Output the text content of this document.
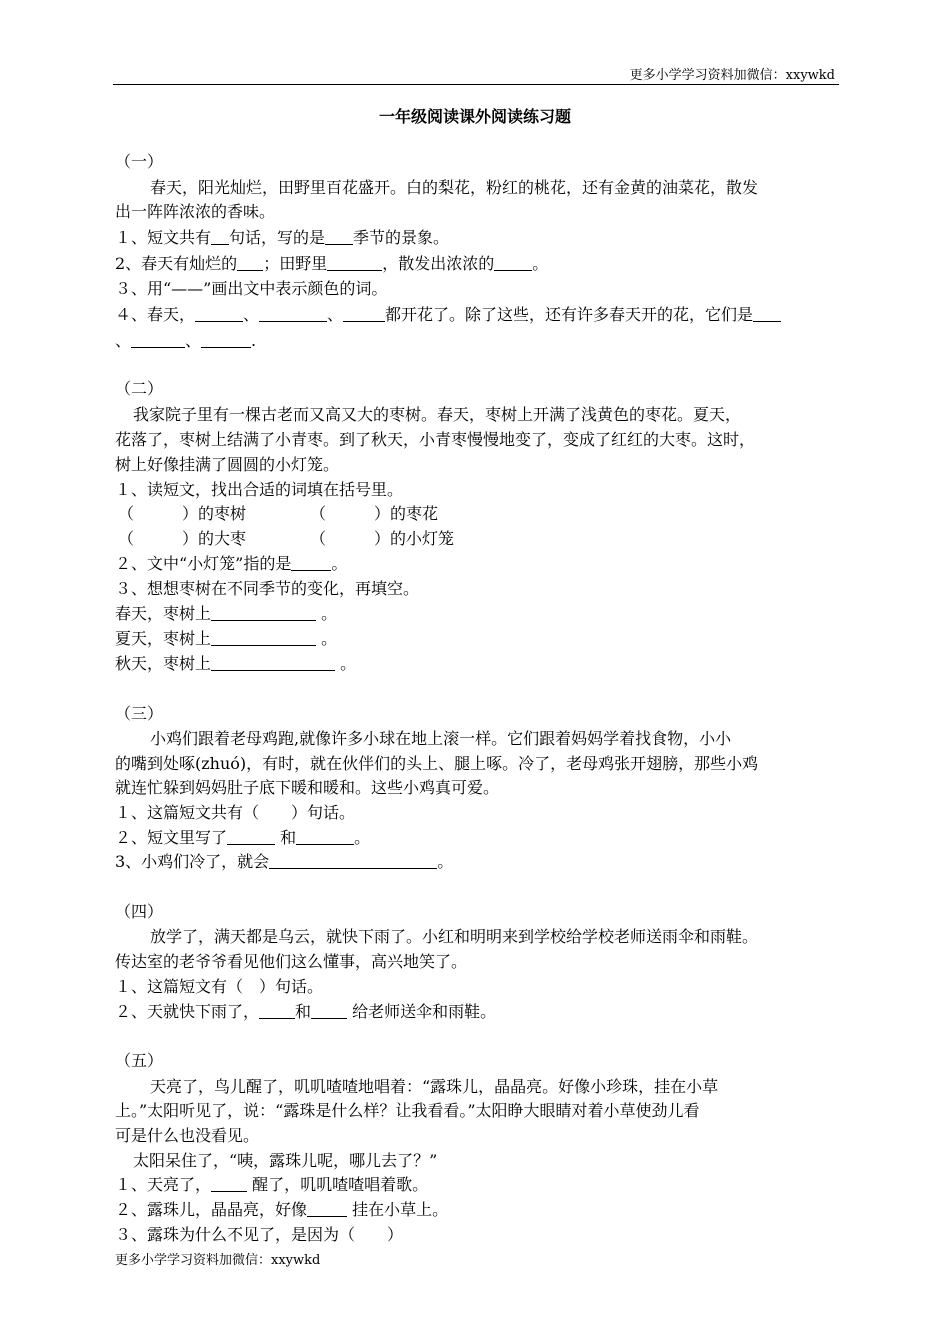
更多小学学习资料加微信：xxywkd
一年级阅读课外阅读练习题
（一）
春天，阳光灿烂，田野里百花盛开。白的梨花，粉红的桃花，还有金黄的油菜花，散发
出一阵阵浓浓的香味。
１、短文共有 句话，写的是 季节的景象。
2、春天有灿烂的 ；田野里	，散发出浓浓的 。
３、用“——”画出文中表示颜色的词。
４、春天，	、	、	都开花了。除了这些，还有许多春天开的花，它们是
、	、	.
（二）
我家院子里有一棵古老而又高又大的枣树。春天，枣树上开满了浅黄色的枣花。夏天，
花落了，枣树上结满了小青枣。到了秋天，小青枣慢慢地变了，变成了红红的大枣。这时，
树上好像挂满了圆圆的小灯笼。
１、读短文，找出合适的词填在括号里。
（　　　）的枣树	（　　　）的枣花
（　　　）的大枣	（　　　）的小灯笼
２、文中“小灯笼”指的是	。
３、想想枣树在不同季节的变化，再填空。
春天，枣树上	。
夏天，枣树上	。
秋天，枣树上	。
（三）
小鸡们跟着老母鸡跑,就像许多小球在地上滚一样。它们跟着妈妈学着找食物，小小
的嘴到处啄(zhuó)，有时，就在伙伴们的头上、腿上啄。冷了，老母鸡张开翅膀，那些小鸡
就连忙躲到妈妈肚子底下暖和暖和。这些小鸡真可爱。
１、这篇短文共有（　　）句话。
２、短文里写了	和	。
3、小鸡们冷了，就会	。
（四）
放学了，满天都是乌云，就快下雨了。小红和明明来到学校给学校老师送雨伞和雨鞋。
传达室的老爷爷看见他们这么懂事，高兴地笑了。
１、这篇短文有（　）句话。
２、天就快下雨了， 和	给老师送伞和雨鞋。
（五）
天亮了，鸟儿醒了，叽叽喳喳地唱着：“露珠儿，晶晶亮。好像小珍珠，挂在小草
上。”太阳听见了，说：“露珠是什么样？让我看看。”太阳睁大眼睛对着小草使劲儿看
可是什么也没看见。
太阳呆住了，“咦，露珠儿呢，哪儿去了？”
１、天亮了，	醒了，叽叽喳喳唱着歌。
２、露珠儿，晶晶亮，好像	挂在小草上。
３、露珠为什么不见了，是因为（　　）
更多小学学习资料加微信：xxywkd
